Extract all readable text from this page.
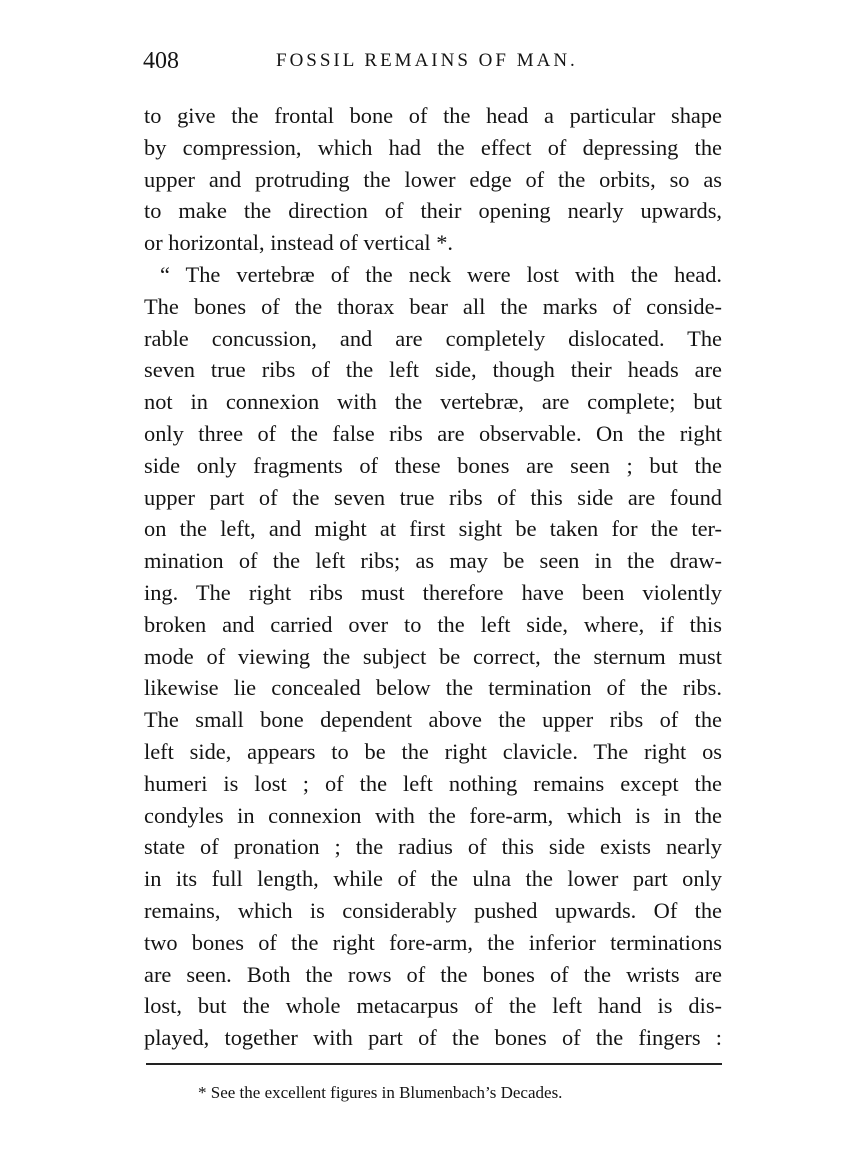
408	FOSSIL REMAINS OF MAN.
to give the frontal bone of the head a particular shape
by compression, which had the effect of depressing the
upper and protruding the lower edge of the orbits, so as
to make the direction of their opening nearly upwards,
or horizontal, instead of vertical *.
“ The vertebræ of the neck were lost with the head.
The bones of the thorax bear all the marks of conside-
rable concussion, and are completely dislocated. The
seven true ribs of the left side, though their heads are
not in connexion with the vertebræ, are complete; but
only three of the false ribs are observable. On the right
side only fragments of these bones are seen ; but the
upper part of the seven true ribs of this side are found
on the left, and might at first sight be taken for the ter-
mination of the left ribs; as may be seen in the draw-
ing. The right ribs must therefore have been violently
broken and carried over to the left side, where, if this
mode of viewing the subject be correct, the sternum must
likewise lie concealed below the termination of the ribs.
The small bone dependent above the upper ribs of the
left side, appears to be the right clavicle. The right os
humeri is lost ; of the left nothing remains except the
condyles in connexion with the fore-arm, which is in the
state of pronation ; the radius of this side exists nearly
in its full length, while of the ulna the lower part only
remains, which is considerably pushed upwards. Of the
two bones of the right fore-arm, the inferior terminations
are seen. Both the rows of the bones of the wrists are
lost, but the whole metacarpus of the left hand is dis-
played, together with part of the bones of the fingers :
* See the excellent figures in Blumenbach’s Decades.
